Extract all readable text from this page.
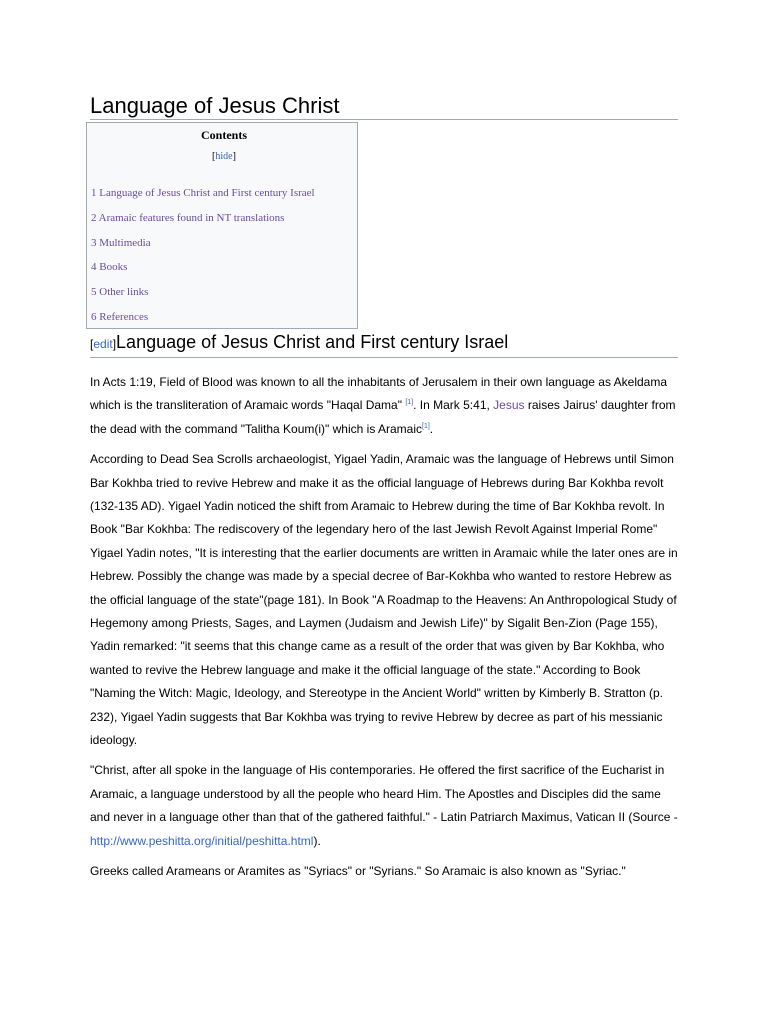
Language of Jesus Christ
Contents
[hide]
1 Language of Jesus Christ and First century Israel
2 Aramaic features found in NT translations
3 Multimedia
4 Books
5 Other links
6 References
[edit]Language of Jesus Christ and First century Israel

In Acts 1:19, Field of Blood was known to all the inhabitants of Jerusalem in their own language as Akeldama which is the transliteration of Aramaic words "Haqal Dama" [1]. In Mark 5:41, Jesus raises Jairus' daughter from the dead with the command "Talitha Koum(i)" which is Aramaic[1].

According to Dead Sea Scrolls archaeologist, Yigael Yadin, Aramaic was the language of Hebrews until Simon Bar Kokhba tried to revive Hebrew and make it as the official language of Hebrews during Bar Kokhba revolt (132-135 AD). Yigael Yadin noticed the shift from Aramaic to Hebrew during the time of Bar Kokhba revolt. In Book "Bar Kokhba: The rediscovery of the legendary hero of the last Jewish Revolt Against Imperial Rome" Yigael Yadin notes, "It is interesting that the earlier documents are written in Aramaic while the later ones are in Hebrew. Possibly the change was made by a special decree of Bar-Kokhba who wanted to restore Hebrew as the official language of the state"(page 181). In Book "A Roadmap to the Heavens: An Anthropological Study of Hegemony among Priests, Sages, and Laymen (Judaism and Jewish Life)" by Sigalit Ben-Zion (Page 155), Yadin remarked: "it seems that this change came as a result of the order that was given by Bar Kokhba, who wanted to revive the Hebrew language and make it the official language of the state." According to Book "Naming the Witch: Magic, Ideology, and Stereotype in the Ancient World" written by Kimberly B. Stratton (p. 232), Yigael Yadin suggests that Bar Kokhba was trying to revive Hebrew by decree as part of his messianic ideology.

"Christ, after all spoke in the language of His contemporaries. He offered the first sacrifice of the Eucharist in Aramaic, a language understood by all the people who heard Him. The Apostles and Disciples did the same and never in a language other than that of the gathered faithful." - Latin Patriarch Maximus, Vatican II (Source - http://www.peshitta.org/initial/peshitta.html).

Greeks called Arameans or Aramites as "Syriacs" or "Syrians." So Aramaic is also known as "Syriac."
